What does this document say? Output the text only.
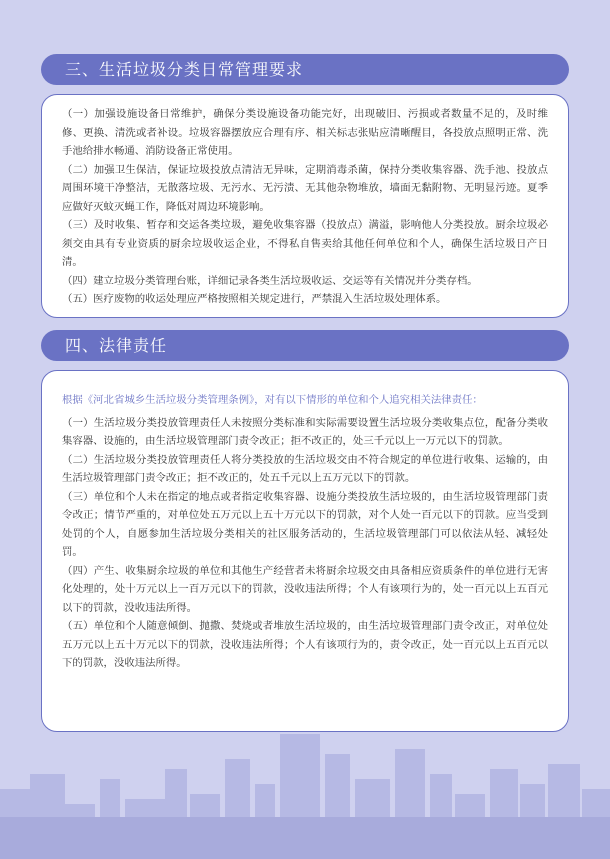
三、生活垃圾分类日常管理要求

（一）加强设施设备日常维护，确保分类设施设备功能完好，出现破旧、污损或者数量不足的，及时维修、更换、清洗或者补设。垃圾容器摆放应合理有序、相关标志张贴应清晰醒目，各投放点照明正常、洗手池给排水畅通、消防设备正常使用。

（二）加强卫生保洁，保证垃圾投放点清洁无异味，定期消毒杀菌，保持分类收集容器、洗手池、投放点周围环境干净整洁，无散落垃圾、无污水、无污渍、无其他杂物堆放，墙面无黏附物、无明显污迹。夏季应做好灭蚊灭蝇工作，降低对周边环境影响。

（三）及时收集、暂存和交运各类垃圾，避免收集容器（投放点）满溢，影响他人分类投放。厨余垃圾必须交由具有专业资质的厨余垃圾收运企业，不得私自售卖给其他任何单位和个人，确保生活垃圾日产日清。

（四）建立垃圾分类管理台账，详细记录各类生活垃圾收运、交运等有关情况并分类存档。

（五）医疗废物的收运处理应严格按照相关规定进行，严禁混入生活垃圾处理体系。

四、法律责任

根据《河北省城乡生活垃圾分类管理条例》，对有以下情形的单位和个人追究相关法律责任：

（一）生活垃圾分类投放管理责任人未按照分类标准和实际需要设置生活垃圾分类收集点位，配备分类收集容器、设施的，由生活垃圾管理部门责令改正；拒不改正的，处三千元以上一万元以下的罚款。

（二）生活垃圾分类投放管理责任人将分类投放的生活垃圾交由不符合规定的单位进行收集、运输的，由生活垃圾管理部门责令改正；拒不改正的，处五千元以上五万元以下的罚款。

（三）单位和个人未在指定的地点或者指定收集容器、设施分类投放生活垃圾的，由生活垃圾管理部门责令改正；情节严重的，对单位处五万元以上五十万元以下的罚款，对个人处一百元以下的罚款。应当受到处罚的个人，自愿参加生活垃圾分类相关的社区服务活动的，生活垃圾管理部门可以依法从轻、减轻处罚。

（四）产生、收集厨余垃圾的单位和其他生产经营者未将厨余垃圾交由具备相应资质条件的单位进行无害化处理的，处十万元以上一百万元以下的罚款，没收违法所得；个人有该项行为的，处一百元以上五百元以下的罚款，没收违法所得。

（五）单位和个人随意倾倒、抛撒、焚烧或者堆放生活垃圾的，由生活垃圾管理部门责令改正，对单位处五万元以上五十万元以下的罚款，没收违法所得；个人有该项行为的，责令改正，处一百元以上五百元以下的罚款，没收违法所得。
